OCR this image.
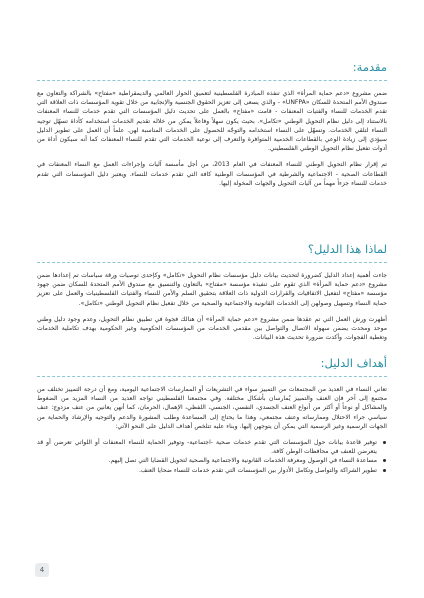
مقدمة:

ضمن مشروع «دعم حماية المرأة» الذي تنفذه المبادرة الفلسطينية لتعميق الحوار العالمي والديمقراطية «مفتاح» بالشراكة والتعاون مع صندوق الأمم المتحدة للسكان «UNFPA» - والذي يسعى إلى تعزيز الحقوق الجنسية والإنجابية من خلال تقوية المؤسسات ذات العلاقة التي تقدم الخدمات للنساء والفتيات المعنفات - قامت «مفتاح» بالعمل على تحديث دليل المؤسسات التي تقدم خدمات للنساء المعنفات بالاستناد إلى دليل نظام التحويل الوطني «تكامل». بحيث يكون سهلاً وفاعلاً يمكن من خلاله تقديم الخدمات استخدامه كأداة تسهّل توجيه النساء لتلقي الخدمات. وتسهّل على النساء استخدامه والتوجّه للحصول على الخدمات المناسبة لهن. علماً أن العمل على تطوير الدليل سيؤدي إلى زيادة الوعي بالقطاعات الخدمية المتوافرة والتعرف إلى نوعية الخدمات التي تقدم للنساء المعنفات كما أنه سيكون أداة من أدوات تفعيل نظام التحويل الوطني الفلسطيني.

تم إقرار نظام التحويل الوطني للنساء المعنفات في العام 2013، من أجل مأسسة آليات وإجراءات العمل مع النساء المعنفات في القطاعات الصحية - الاجتماعية والشرطية في المؤسسات الوطنية كافة التي تقدم خدمات للنساء. ويعتبر دليل المؤسسات التي تقدم خدمات للنساء جزءاً مهماً من آليات التحويل والجهات المخولة إليها.

لماذا هذا الدليل؟

جاءت أهمية إعداد الدليل كضرورة لتحديث بيانات دليل مؤسسات نظام التحويل «تكامل» وكإحدى توصيات ورقة سياسات تم إعدادها ضمن مشروع «دعم حماية المرأة» الذي تقوم على تنفيذه مؤسسة «مفتاح» بالتعاون والتنسيق مع صندوق الأمم المتحدة للسكان ضمن جهود مؤسسة «مفتاح» لتفعيل الاتفاقيات والقرارات الدولية ذات العلاقة بتحقيق السلم والأمن للنساء والفتيات الفلسطينيات والعمل على تعزيز حماية النساء وتسهيل وصولهن إلى الخدمات القانونية والاجتماعية والصحية من خلال تفعيل نظام التحويل الوطني «تكامل».

أظهرت ورش العمل التي تم عقدها ضمن مشروع «دعم حماية المرأة» أن هنالك فجوة في تطبيق نظام التحويل، وعدم وجود دليل وطني موحد ومحدث يضمن سهولة الاتصال والتواصل بين مقدمي الخدمات من المؤسسات الحكومية وغير الحكومية بهدف تكاملية الخدمات وتغطية الفجوات. وأكدت ضرورة تحديث هذه البيانات.

أهداف الدليل:

تعاني النساء في العديد من المجتمعات من التمييز سواء في التشريعات أو الممارسات الاجتماعية اليومية، ومع أن درجة التمييز تختلف من مجتمع إلى آخر فإن العنف والتمييز يُمارسان بأشكال مختلفة. وفي مجتمعنا الفلسطيني تواجه العديد من النساء المزيد من الضغوط والمشاكل أو نوعاً أو أكثر من أنواع العنف الجسدي، النفسي، الجنسي، اللفظي، الإهمال، الحرمان، كما أنهن يعانين من عنف مزدوج: عنف سياسي جراء الاحتلال وممارساته وعنف مجتمعي، وهذا ما يحتاج إلى المساعدة وطلب المشورة والدعم والتوجيه والإرشاد والحماية من الجهات الرسمية وغير الرسمية التي يمكن أن يتوجهن إليها. وبناء عليه تتلخص أهداف الدليل على النحو الآتي:

توفير قاعدة بيانات حول المؤسسات التي تقدم خدمات صحية -اجتماعية- وتوفير الحماية للنساء المعنفات أو اللواتي تعرضن أو قد يتعرضن للعنف في محافظات الوطن كافة.
مساعدة النساء في الوصول ومعرفة الخدمات القانونية والاجتماعية والصحية لتحويل القضايا التي تصل إليهم.
تطوير الشراكة والتواصل وتكامل الأدوار بين المؤسسات التي تقدم خدمات للنساء ضحايا العنف.
4
